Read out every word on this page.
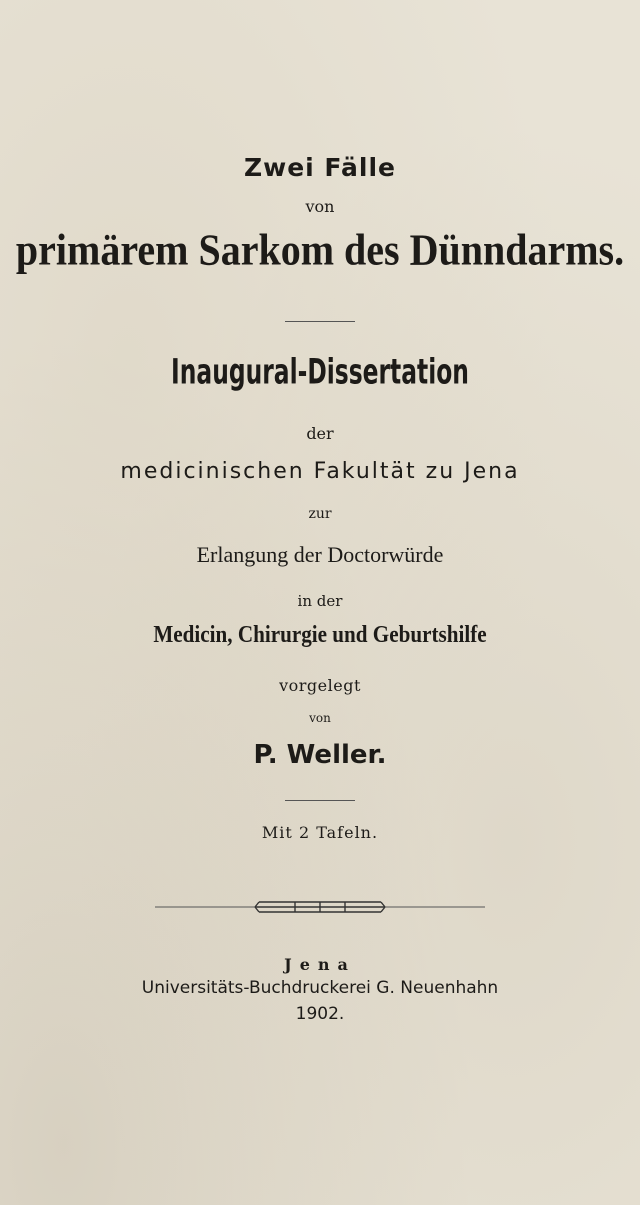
Zwei Fälle
von
primärem Sarkom des Dünndarms.
Inaugural-Dissertation
der
medicinischen Fakultät zu Jena
zur
Erlangung der Doctorwürde
in der
Medicin, Chirurgie und Geburtshilfe
vorgelegt
von
P. Weller.
Mit 2 Tafeln.
Jena
Universitäts-Buchdruckerei G. Neuenhahn
1902.
